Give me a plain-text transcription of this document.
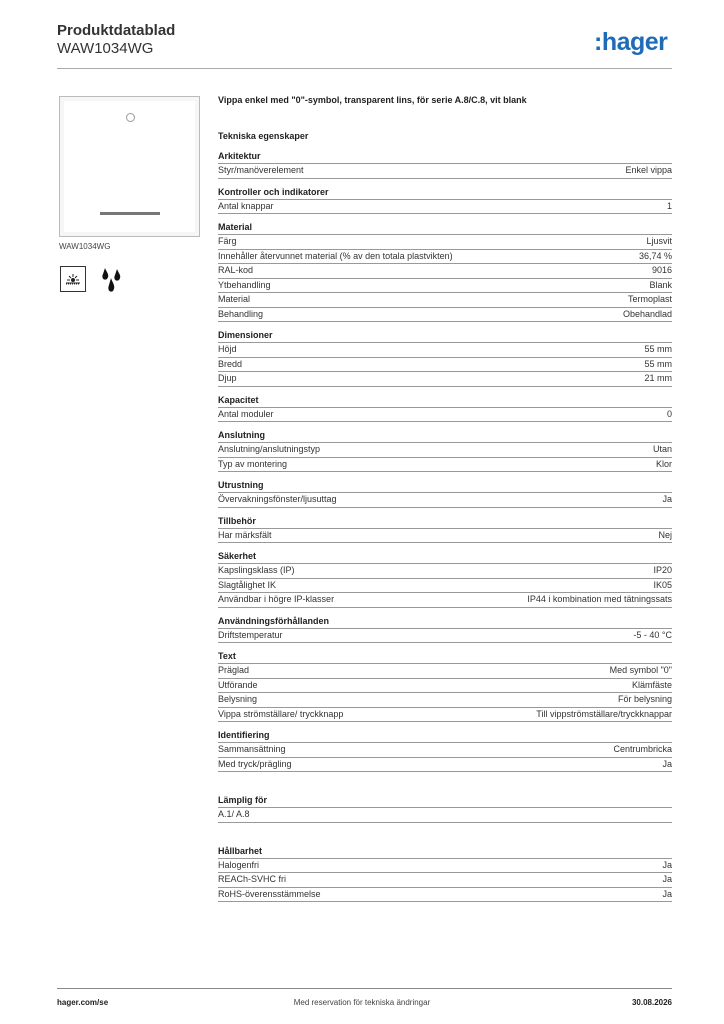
Produktdatablad
WAW1034WG	:hager
WAW1034WG
Vippa enkel med "0"-symbol, transparent lins, för serie A.8/C.8, vit blank
Tekniska egenskaper
Arkitektur
Styr/manöverelement	Enkel vippa
Kontroller och indikatorer
Antal knappar	1
Material
Färg	Ljusvit
Innehåller återvunnet material (% av den totala plastvikten)	36,74 %
RAL-kod	9016
Ytbehandling	Blank
Material	Termoplast
Behandling	Obehandlad
Dimensioner
Höjd	55 mm
Bredd	55 mm
Djup	21 mm
Kapacitet
Antal moduler	0
Anslutning
Anslutning/anslutningstyp	Utan
Typ av montering	Klor
Utrustning
Övervakningsfönster/ljusuttag	Ja
Tillbehör
Har märksfält	Nej
Säkerhet
Kapslingsklass (IP)	IP20
Slagtålighet IK	IK05
Användbar i högre IP-klasser	IP44 i kombination med tätningssats
Användningsförhållanden
Driftstemperatur	-5 - 40 °C
Text
Präglad	Med symbol "0"
Utförande	Klämfäste
Belysning	För belysning
Vippa strömställare/ tryckknapp	Till vippströmställare/tryckknappar
Identifiering
Sammansättning	Centrumbricka
Med tryck/prägling	Ja
Lämplig för
A.1/ A.8
Hållbarhet
Halogenfri	Ja
REACh-SVHC fri	Ja
RoHS-överensstämmelse	Ja
hager.com/se	Med reservation för tekniska ändringar	30.08.2026
